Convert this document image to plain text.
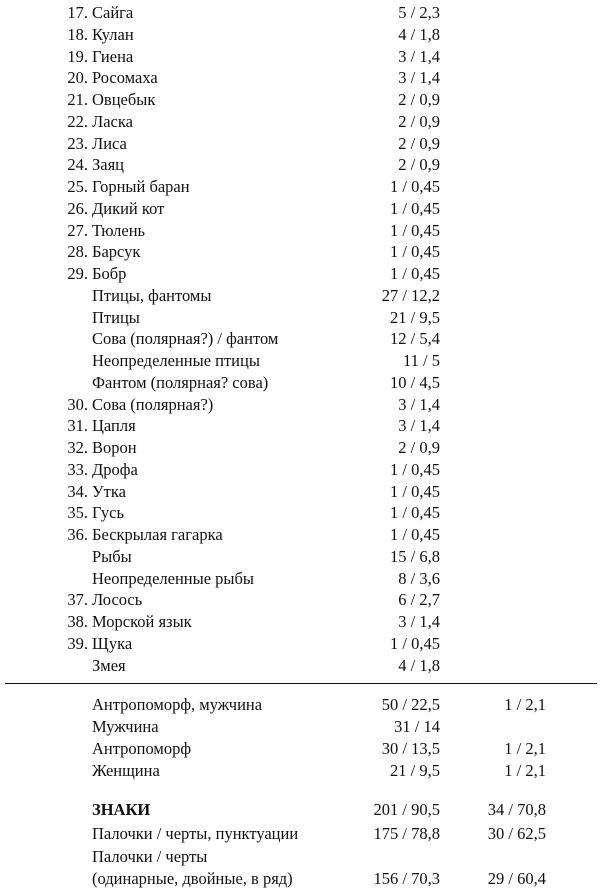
17. Сайга	5 / 2,3
18. Кулан	4 / 1,8
19. Гиена	3 / 1,4
20. Росомаха	3 / 1,4
21. Овцебык	2 / 0,9
22. Ласка	2 / 0,9
23. Лиса	2 / 0,9
24. Заяц	2 / 0,9
25. Горный баран	1 / 0,45
26. Дикий кот	1 / 0,45
27. Тюлень	1 / 0,45
28. Барсук	1 / 0,45
29. Бобр	1 / 0,45
Птицы, фантомы	27 / 12,2
Птицы	21 / 9,5
Сова (полярная?) / фантом	12 / 5,4
Неопределенные птицы	11 / 5
Фантом (полярная? сова)	10 / 4,5
30. Сова (полярная?)	3 / 1,4
31. Цапля	3 / 1,4
32. Ворон	2 / 0,9
33. Дрофа	1 / 0,45
34. Утка	1 / 0,45
35. Гусь	1 / 0,45
36. Бескрылая гагарка	1 / 0,45
Рыбы	15 / 6,8
Неопределенные рыбы	8 / 3,6
37. Лосось	6 / 2,7
38. Морской язык	3 / 1,4
39. Щука	1 / 0,45
Змея	4 / 1,8
Антропоморф, мужчина	50 / 22,5	1 / 2,1
Мужчина	31 / 14
Антропоморф	30 / 13,5	1 / 2,1
Женщина	21 / 9,5	1 / 2,1
ЗНАКИ	201 / 90,5	34 / 70,8
Палочки / черты, пунктуации	175 / 78,8	30 / 62,5
Палочки / черты
(одинарные, двойные, в ряд)	156 / 70,3	29 / 60,4
